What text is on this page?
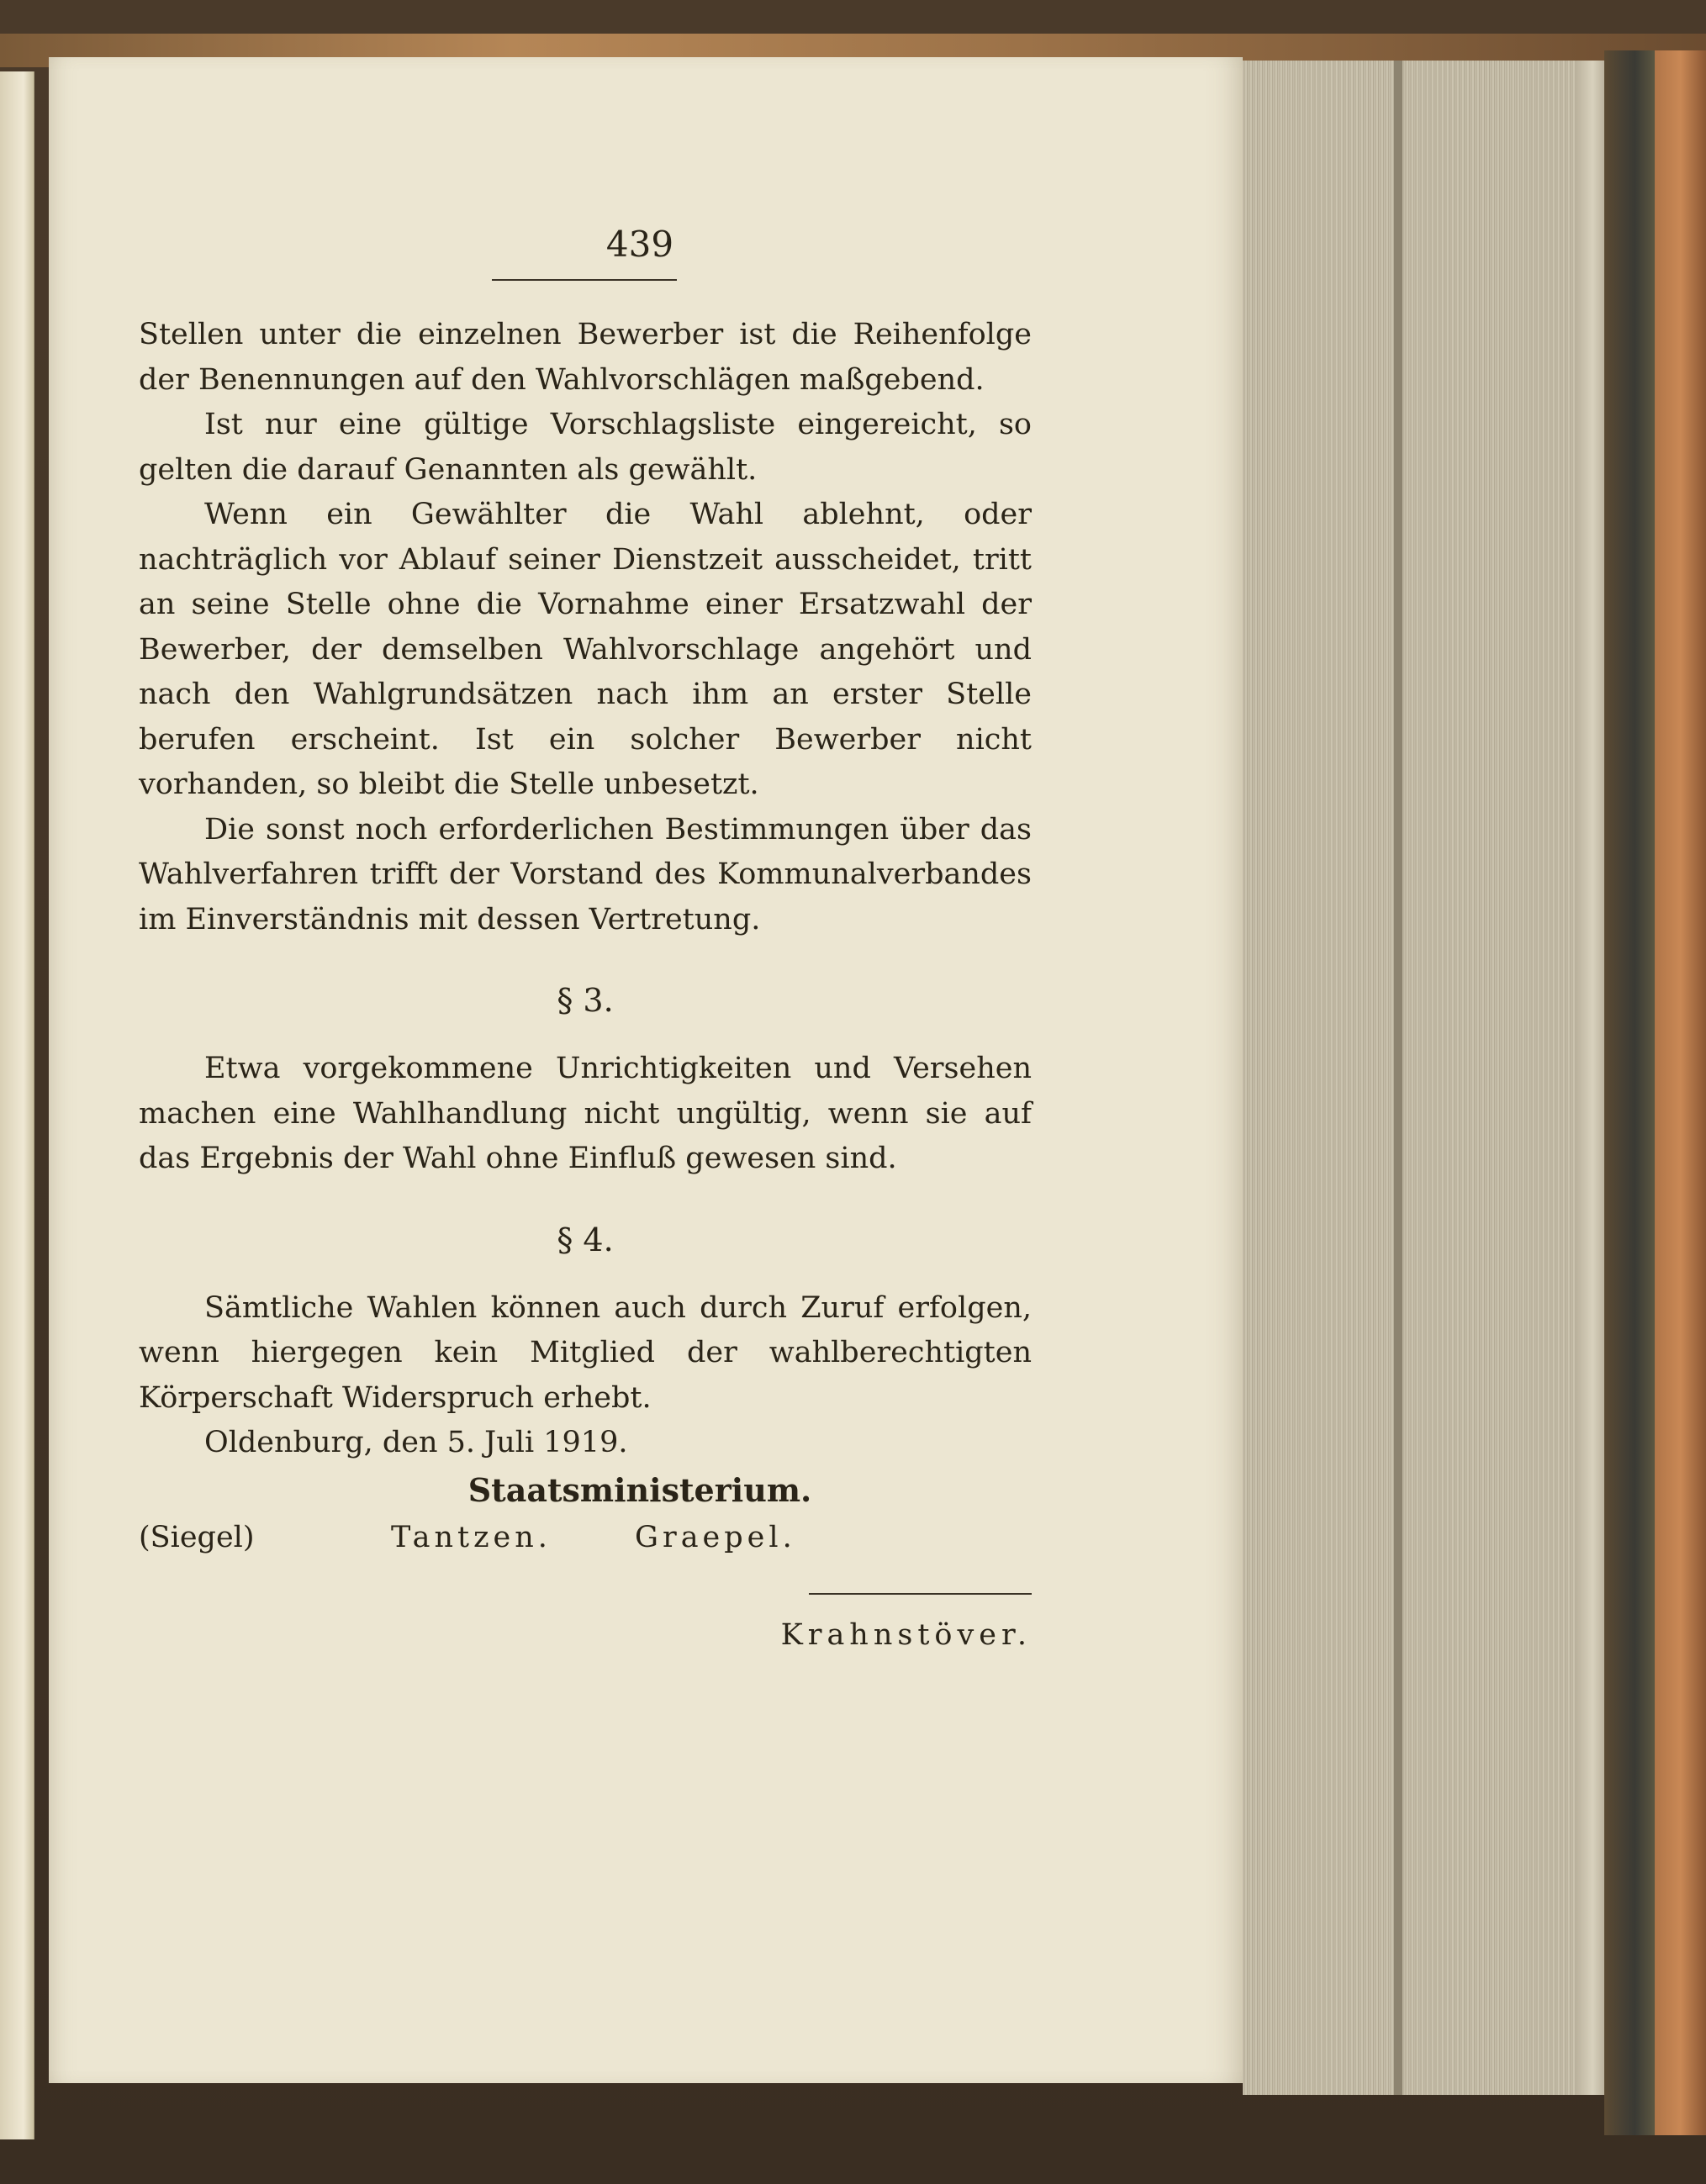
439

Stellen unter die einzelnen Bewerber ist die Reihenfolge der Benennungen auf den Wahlvorschlägen maßgebend.

Ist nur eine gültige Vorschlagsliste eingereicht, so gelten die darauf Genannten als gewählt.

Wenn ein Gewählter die Wahl ablehnt, oder nachträglich vor Ablauf seiner Dienstzeit ausscheidet, tritt an seine Stelle ohne die Vornahme einer Ersatzwahl der Bewerber, der demselben Wahlvorschlage angehört und nach den Wahlgrundsätzen nach ihm an erster Stelle berufen erscheint. Ist ein solcher Bewerber nicht vorhanden, so bleibt die Stelle unbesetzt.

Die sonst noch erforderlichen Bestimmungen über das Wahlverfahren trifft der Vorstand des Kommunalverbandes im Einverständnis mit dessen Vertretung.

§ 3.

Etwa vorgekommene Unrichtigkeiten und Versehen machen eine Wahlhandlung nicht ungültig, wenn sie auf das Ergebnis der Wahl ohne Einfluß gewesen sind.

§ 4.

Sämtliche Wahlen können auch durch Zuruf erfolgen, wenn hiergegen kein Mitglied der wahlberechtigten Körperschaft Widerspruch erhebt.

Oldenburg, den 5. Juli 1919.

Staatsministerium.
(Siegel)	Tantzen.	Graepel.
Krahnstöver.
